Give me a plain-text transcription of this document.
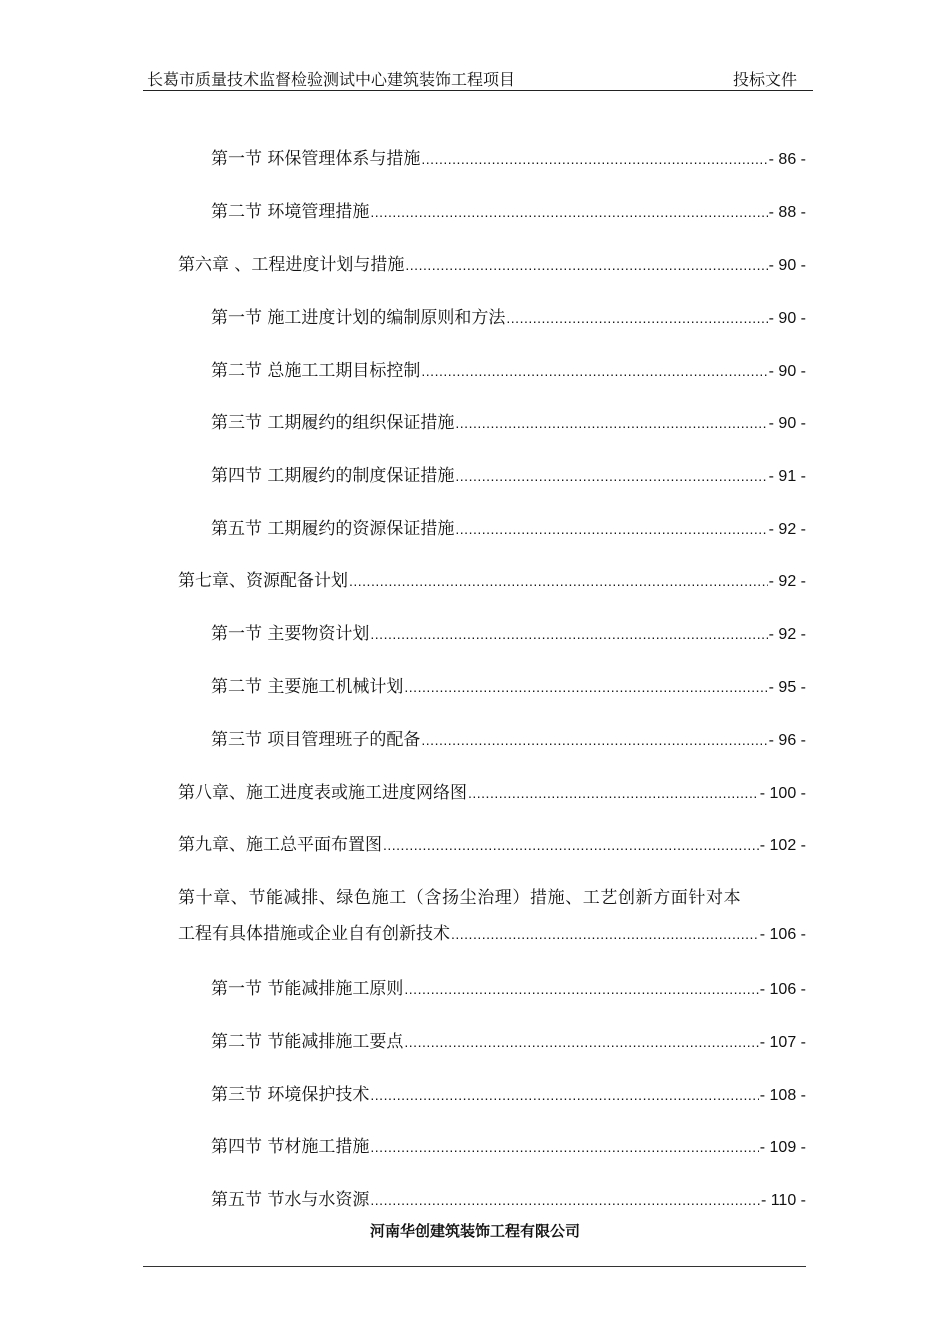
长葛市质量技术监督检验测试中心建筑装饰工程项目	投标文件
第一节 环保管理体系与措施 .....	- 86 -
第二节 环境管理措施 .....	- 88 -
第六章 、工程进度计划与措施 .....	- 90 -
第一节 施工进度计划的编制原则和方法 .....	- 90 -
第二节 总施工工期目标控制 .....	- 90 -
第三节 工期履约的组织保证措施 .....	- 90 -
第四节 工期履约的制度保证措施 .....	- 91 -
第五节 工期履约的资源保证措施 .....	- 92 -
第七章、资源配备计划 .....	- 92 -
第一节 主要物资计划 .....	- 92 -
第二节 主要施工机械计划 .....	- 95 -
第三节 项目管理班子的配备 .....	- 96 -
第八章、施工进度表或施工进度网络图 .....	- 100 -
第九章、施工总平面布置图 .....	- 102 -
第十章、节能减排、绿色施工（含扬尘治理）措施、工艺创新方面针对本
工程有具体措施或企业自有创新技术 .....	- 106 -
第一节 节能减排施工原则 .....	- 106 -
第二节 节能减排施工要点 .....	- 107 -
第三节 环境保护技术 .....	- 108 -
第四节 节材施工措施 .....	- 109 -
第五节 节水与水资源 .....	- 110 -
河南华创建筑装饰工程有限公司
